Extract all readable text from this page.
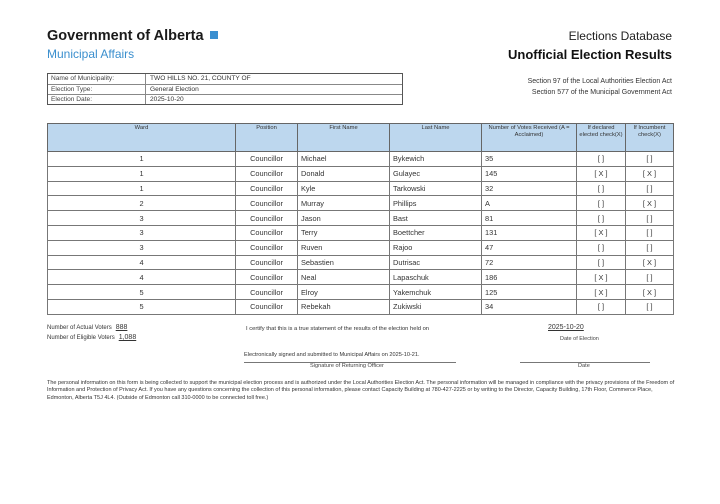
Government of Alberta
Municipal Affairs
Elections Database
Unofficial Election Results
Name of Municipality:	TWO HILLS NO. 21, COUNTY OF
Election Type:	General Election
Election Date:	2025-10-20
Section 97 of the Local Authorities Election Act
Section 577 of the Municipal Government Act
Ward	Position	First Name	Last Name	Number of Votes Received (A = Acclaimed)	If declared elected check(X)	If Incumbent check(X)
1	Councillor	Michael	Bykewich	35	[ ]	[ ]
1	Councillor	Donald	Gulayec	145	[ X ]	[ X ]
1	Councillor	Kyle	Tarkowski	32	[ ]	[ ]
2	Councillor	Murray	Phillips	A	[ ]	[ X ]
3	Councillor	Jason	Bast	81	[ ]	[ ]
3	Councillor	Terry	Boettcher	131	[ X ]	[ ]
3	Councillor	Ruven	Rajoo	47	[ ]	[ ]
4	Councillor	Sebastien	Dutrisac	72	[ ]	[ X ]
4	Councillor	Neal	Lapaschuk	186	[ X ]	[ ]
5	Councillor	Elroy	Yakemchuk	125	[ X ]	[ X ]
5	Councillor	Rebekah	Zukiwski	34	[ ]	[ ]
Number of Actual Voters 888
Number of Eligible Voters 1,088
I certify that this is a true statement of the results of the election held on	2025-10-20
Date of Election
Electronically signed and submitted to Municipal Affairs on 2025-10-21.
Signature of Returning Officer	Date
The personal information on this form is being collected to support the municipal election process and is authorized under the Local Authorities Election Act. The personal information will be managed in compliance with the privacy provisions of the Freedom of Information and Protection of Privacy Act. If you have any questions concerning the collection of this personal information, please contact Capacity Building at 780-427-2225 or by writing to the Director, Capacity Building, 17th Floor, Commerce Place, Edmonton, Alberta T5J 4L4. (Outside of Edmonton call 310-0000 to be connected toll free.)
